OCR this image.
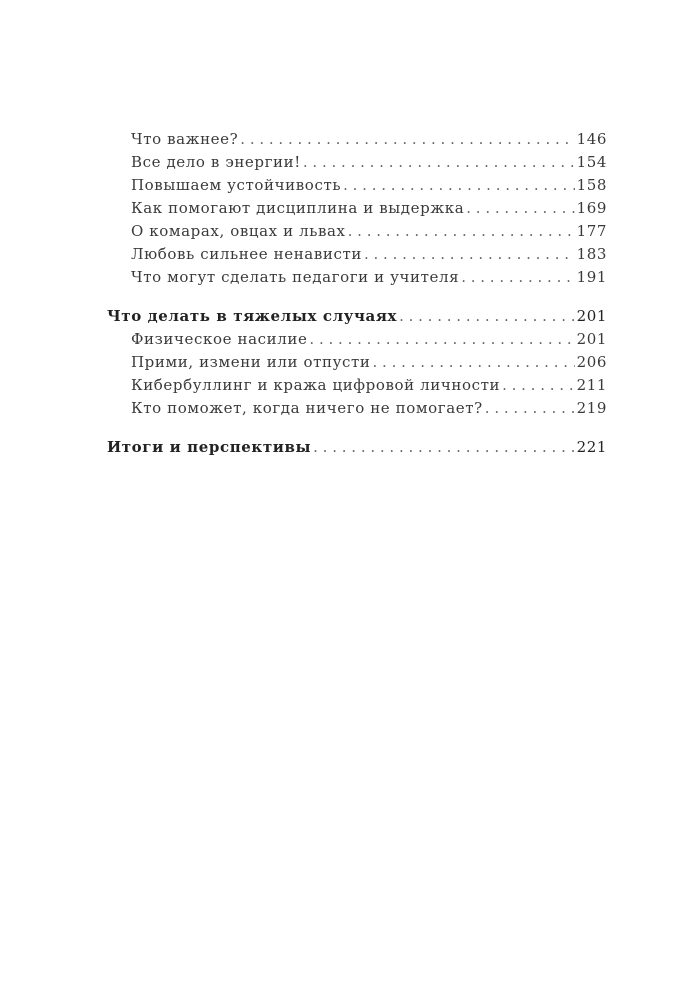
Что важнее? . . .	146
Все дело в энергии! . . .	154
Повышаем устойчивость . . .	158
Как помогают дисциплина и выдержка . . .	169
О комарах, овцах и львах . . .	177
Любовь сильнее ненависти . . .	183
Что могут сделать педагоги и учителя . . .	191
Что делать в тяжелых случаях . . .	201
Физическое насилие . . .	201
Прими, измени или отпусти . . .	206
Кибербуллинг и кража цифровой личности . . .	211
Кто поможет, когда ничего не помогает? . . .	219
Итоги и перспективы . . .	221
